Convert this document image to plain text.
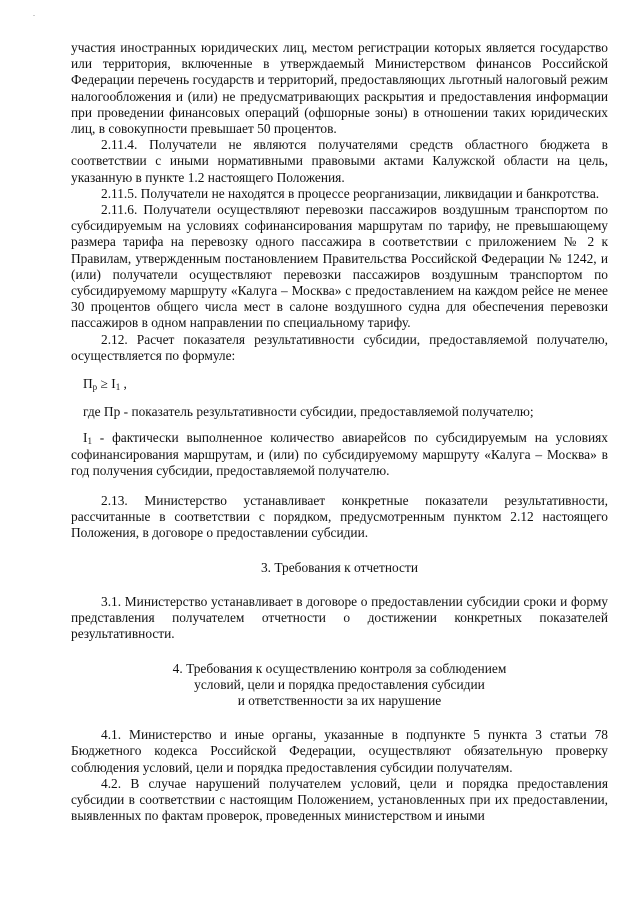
-

участия иностранных юридических лиц, местом регистрации которых является государство или территория, включенные в утверждаемый Министерством финансов Российской Федерации перечень государств и территорий, предоставляющих льготный налоговый режим налогообложения и (или) не предусматривающих раскрытия и предоставления информации при проведении финансовых операций (офшорные зоны) в отношении таких юридических лиц, в совокупности превышает 50 процентов.

2.11.4. Получатели не являются получателями средств областного бюджета в соответствии с иными нормативными правовыми актами Калужской области на цель, указанную в пункте 1.2 настоящего Положения.

2.11.5. Получатели не находятся в процессе реорганизации, ликвидации и банкротства.

2.11.6. Получатели осуществляют перевозки пассажиров воздушным транспортом по субсидируемым на условиях софинансирования маршрутам по тарифу, не превышающему размера тарифа на перевозку одного пассажира в соответствии с приложением № 2 к Правилам, утвержденным постановлением Правительства Российской Федерации № 1242, и (или) получатели осуществляют перевозки пассажиров воздушным транспортом по субсидируемому маршруту «Калуга – Москва» с предоставлением на каждом рейсе не менее 30 процентов общего числа мест в салоне воздушного судна для обеспечения перевозки пассажиров в одном направлении по специальному тарифу.

2.12. Расчет показателя результативности субсидии, предоставляемой получателю, осуществляется по формуле:

$П_р \ge I_1$ ,

где Пр - показатель результативности субсидии, предоставляемой получателю;

$I_1$ - фактически выполненное количество авиарейсов по субсидируемым на условиях софинансирования маршрутам, и (или) по субсидируемому маршруту «Калуга – Москва» в год получения субсидии, предоставляемой получателю.

2.13. Министерство устанавливает конкретные показатели результативности, рассчитанные в соответствии с порядком, предусмотренным пунктом 2.12 настоящего Положения, в договоре о предоставлении субсидии.

3. Требования к отчетности

3.1. Министерство устанавливает в договоре о предоставлении субсидии сроки и форму представления получателем отчетности о достижении конкретных показателей результативности.

4. Требования к осуществлению контроля за соблюдением
условий, цели и порядка предоставления субсидии
и ответственности за их нарушение

4.1. Министерство и иные органы, указанные в подпункте 5 пункта 3 статьи 78 Бюджетного кодекса Российской Федерации, осуществляют обязательную проверку соблюдения условий, цели и порядка предоставления субсидии получателям.

4.2. В случае нарушений получателем условий, цели и порядка предоставления субсидии в соответствии с настоящим Положением, установленных при их предоставлении, выявленных по фактам проверок, проведенных министерством и иными
